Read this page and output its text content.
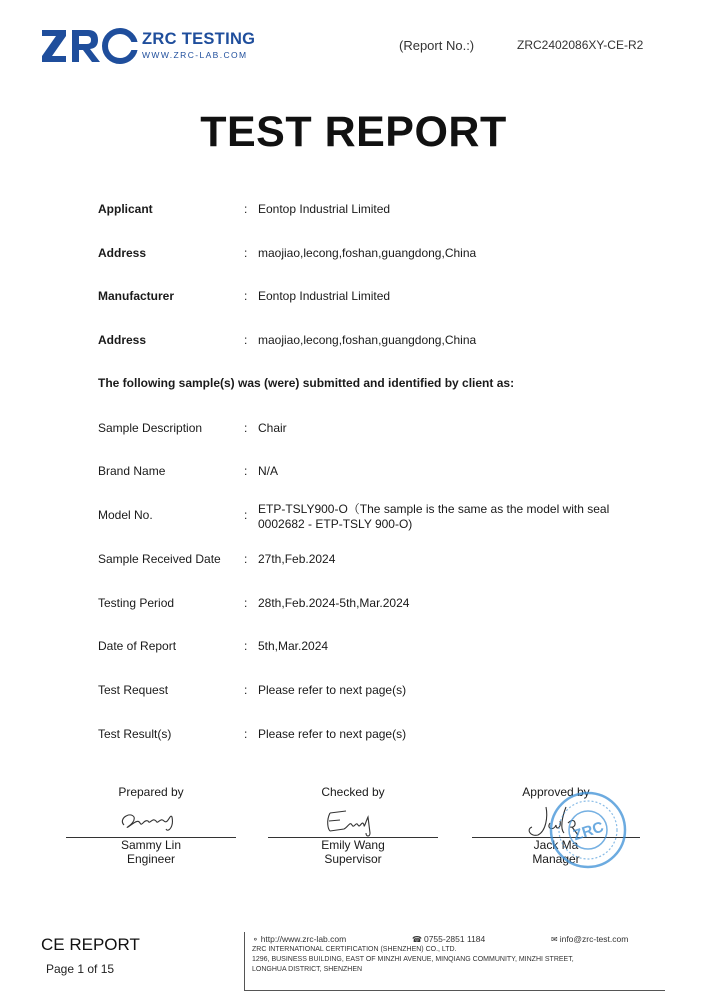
ZRC TESTING
WWW.ZRC-LAB.COM
(Report No.:)	ZRC2402086XY-CE-R2
TEST REPORT
Applicant	: Eontop Industrial Limited
Address	: maojiao,lecong,foshan,guangdong,China
Manufacturer	: Eontop Industrial Limited
Address	: maojiao,lecong,foshan,guangdong,China
The following sample(s) was (were) submitted and identified by client as:
Sample Description	: Chair
Brand Name	: N/A
Model No.	: ETP-TSLY900-O（The sample is the same as the model with seal 0002682 - ETP-TSLY 900-O)
Sample Received Date : 27th,Feb.2024
Testing Period	: 28th,Feb.2024-5th,Mar.2024
Date of Report	: 5th,Mar.2024
Test Request	: Please refer to next page(s)
Test Result(s)	: Please refer to next page(s)
Prepared by
Sammy Lin
Engineer
Checked by
Emily Wang
Supervisor
Approved by
Jack Ma
Manager
ZRC
CE REPORT
Page 1 of 15
⚬ http://www.zrc-lab.com	☎ 0755-2851 1184	✉ info@zrc-test.com
ZRC INTERNATIONAL CERTIFICATION (SHENZHEN) CO., LTD.
1296, BUSINESS BUILDING, EAST OF MINZHI AVENUE, MINQIANG COMMUNITY, MINZHI STREET,
LONGHUA DISTRICT, SHENZHEN
